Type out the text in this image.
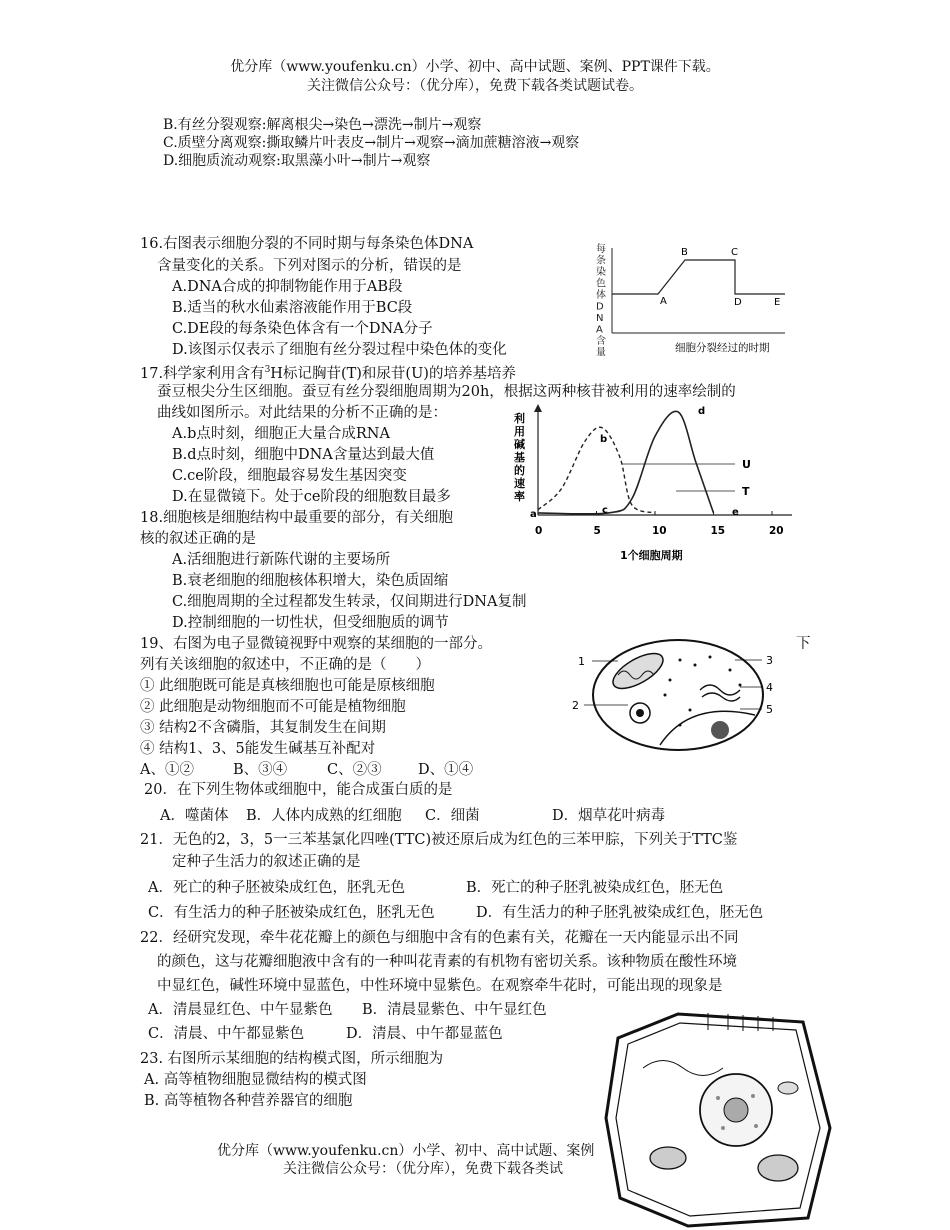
优分库（www.youfenku.cn）小学、初中、高中试题、案例、PPT课件下载。
关注微信公众号：（优分库），免费下载各类试题试卷。
B.有丝分裂观察:解离根尖→染色→漂洗→制片→观察
C.质壁分离观察:撕取鳞片叶表皮→制片→观察→滴加蔗糖溶液→观察
D.细胞质流动观察:取黑藻小叶→制片→观察
16.右图表示细胞分裂的不同时期与每条染色体DNA
含量变化的关系。下列对图示的分析，错误的是
A.DNA合成的抑制物能作用于AB段
B.适当的秋水仙素溶液能作用于BC段
C.DE段的每条染色体含有一个DNA分子
D.该图示仅表示了细胞有丝分裂过程中染色体的变化
每条染色体 D N A 含量
A
B	C
D	E
细胞分裂经过的时期
17.科学家利用含有$^3$H标记胸苷(T)和尿苷(U)的培养基培养
蚕豆根尖分生区细胞。蚕豆有丝分裂细胞周期为20h，根据这两种核苷被利用的速率绘制的
曲线如图所示。对此结果的分析不正确的是：
A.b点时刻，细胞正大量合成RNA
B.d点时刻，细胞中DNA含量达到最大值
C.ce阶段，细胞最容易发生基因突变
D.在显微镜下。处于ce阶段的细胞数目最多
利
用
碱
基
的
速
率
0	5	10	15	20
U
T
a
b
c
d
e
1个细胞周期
18.细胞核是细胞结构中最重要的部分，有关细胞
核的叙述正确的是
A.活细胞进行新陈代谢的主要场所
B.衰老细胞的细胞核体积增大，染色质固缩
C.细胞周期的全过程都发生转录，仅间期进行DNA复制
D.控制细胞的一切性状，但受细胞质的调节
19、右图为电子显微镜视野中观察的某细胞的一部分。	下
列有关该细胞的叙述中，不正确的是（　　）
① 此细胞既可能是真核细胞也可能是原核细胞
② 此细胞是动物细胞而不可能是植物细胞
③ 结构2不含磷脂，其复制发生在间期
④ 结构1、3、5能发生碱基互补配对
A、①②	B、③④	C、②③	D、①④
1
2
3
4
5
20．在下列生物体或细胞中，能合成蛋白质的是
A．噬菌体 B．人体内成熟的红细胞 C．细菌	D．烟草花叶病毒
21．无色的2，3，5一三苯基氯化四唑(TTC)被还原后成为红色的三苯甲腙，下列关于TTC鉴
定种子生活力的叙述正确的是
A．死亡的种子胚被染成红色，胚乳无色	B．死亡的种子胚乳被染成红色，胚无色
C．有生活力的种子胚被染成红色，胚乳无色	D．有生活力的种子胚乳被染成红色，胚无色
22．经研究发现，牵牛花花瓣上的颜色与细胞中含有的色素有关，花瓣在一天内能显示出不同
的颜色，这与花瓣细胞液中含有的一种叫花青素的有机物有密切关系。该种物质在酸性环境
中显红色，碱性环境中显蓝色，中性环境中显紫色。在观察牵牛花时，可能出现的现象是
A．清晨显红色、中午显紫色 B．清晨显紫色、中午显红色
C．清晨、中午都显紫色	D．清晨、中午都显蓝色
23. 右图所示某细胞的结构模式图，所示细胞为
A. 高等植物细胞显微结构的模式图
B. 高等植物各种营养器官的细胞
优分库（www.youfenku.cn）小学、初中、高中试题、案例
关注微信公众号：（优分库），免费下载各类试
